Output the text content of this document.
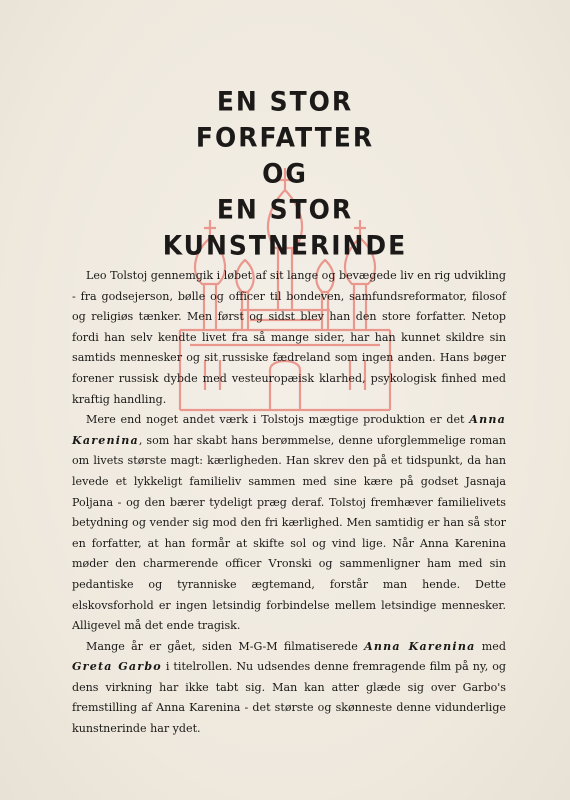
EN STOR
FORFATTER
OG
EN STOR
KUNSTNERINDE

Leo Tolstoj gennemgik i løbet af sit lange og bevægede liv en rig udvikling - fra godsejerson, bølle og officer til bondeven, samfundsreformator, filosof og religiøs tænker. Men først og sidst blev han den store forfatter. Netop fordi han selv kendte livet fra så mange sider, har han kunnet skildre sin samtids mennesker og sit russiske fædreland som ingen anden. Hans bøger forener russisk dybde med vesteuropæisk klarhed, psykologisk finhed med kraftig handling.

Mere end noget andet værk i Tolstojs mægtige produktion er det Anna Karenina, som har skabt hans berømmelse, denne uforglemmelige roman om livets største magt: kærligheden. Han skrev den på et tidspunkt, da han levede et lykkeligt familieliv sammen med sine kære på godset Jasnaja Poljana - og den bærer tydeligt præg deraf. Tolstoj fremhæver familielivets betydning og vender sig mod den fri kærlighed. Men samtidig er han så stor en forfatter, at han formår at skifte sol og vind lige. Når Anna Karenina møder den charmerende officer Vronski og sammenligner ham med sin pedantiske og tyranniske ægtemand, forstår man hende. Dette elskovsforhold er ingen letsindig forbindelse mellem letsindige mennesker. Alligevel må det ende tragisk.

Mange år er gået, siden M-G-M filmatiserede Anna Karenina med Greta Garbo i titelrollen. Nu udsendes denne fremragende film på ny, og dens virkning har ikke tabt sig. Man kan atter glæde sig over Garbo's fremstilling af Anna Karenina - det største og skønneste denne vidunderlige kunstnerinde har ydet.
